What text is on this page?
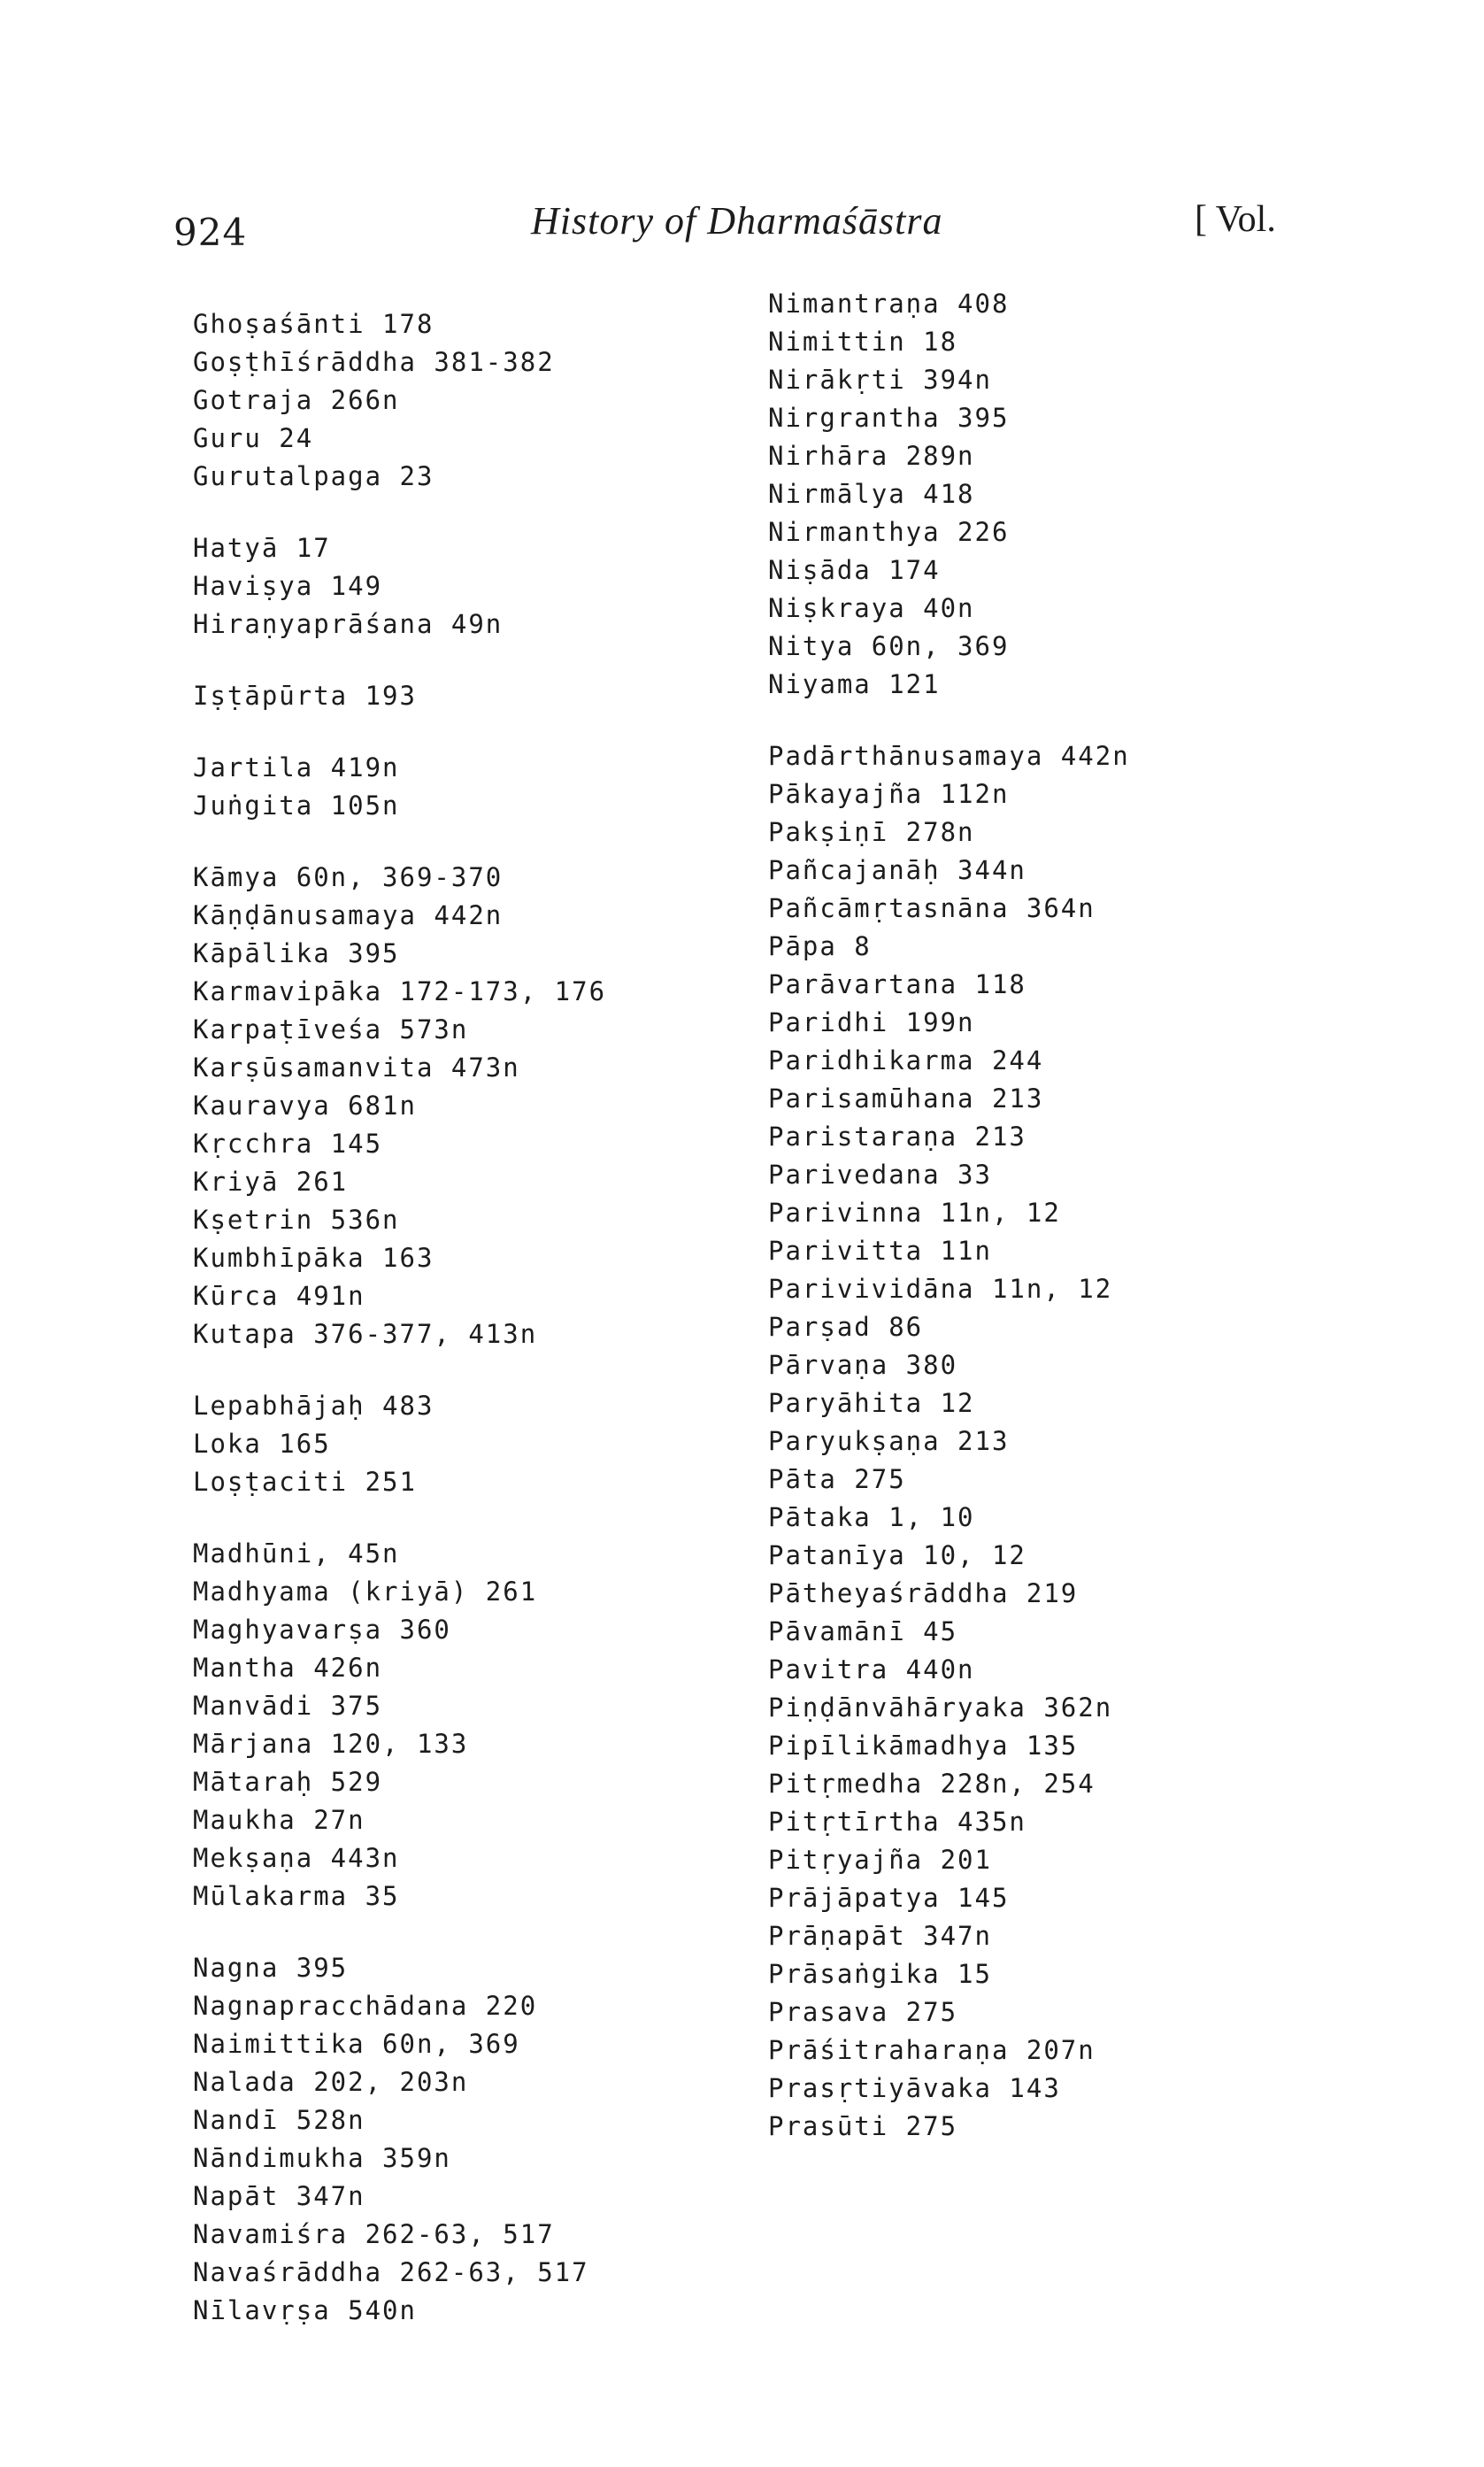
924	History of Dharmaśāstra	[ Vol.
Ghoṣaśānti 178
Goṣṭhīśrāddha 381-382
Gotraja 266n
Guru 24
Gurutalpaga 23
Hatyā 17
Haviṣya 149
Hiraṇyaprāśana 49n
Iṣṭāpūrta 193
Jartila 419n
Juṅgita 105n
Kāmya 60n, 369-370
Kāṇḍānusamaya 442n
Kāpālika 395
Karmavipāka 172-173, 176
Karpaṭīveśa 573n
Karṣūsamanvita 473n
Kauravya 681n
Kṛcchra 145
Kriyā 261
Kṣetrin 536n
Kumbhīpāka 163
Kūrca 491n
Kutapa 376-377, 413n
Lepabhājaḥ 483
Loka 165
Loṣṭaciti 251
Madhūni, 45n
Madhyama (kriyā) 261
Maghyavarṣa 360
Mantha 426n
Manvādi 375
Mārjana 120, 133
Mātaraḥ 529
Maukha 27n
Mekṣaṇa 443n
Mūlakarma 35
Nagna 395
Nagnapracchādana 220
Naimittika 60n, 369
Nalada 202, 203n
Nandī 528n
Nāndimukha 359n
Napāt 347n
Navamiśra 262-63, 517
Navaśrāddha 262-63, 517
Nīlavṛṣa 540n
Nimantraṇa 408
Nimittin 18
Nirākṛti 394n
Nirgrantha 395
Nirhāra 289n
Nirmālya 418
Nirmanthya 226
Niṣāda 174
Niṣkraya 40n
Nitya 60n, 369
Niyama 121
Padārthānusamaya 442n
Pākayajña 112n
Pakṣiṇī 278n
Pañcajanāḥ 344n
Pañcāmṛtasnāna 364n
Pāpa 8
Parāvartana 118
Paridhi 199n
Paridhikarma 244
Parisamūhana 213
Paristaraṇa 213
Parivedana 33
Parivinna 11n, 12
Parivitta 11n
Parivividāna 11n, 12
Parṣad 86
Pārvaṇa 380
Paryāhita 12
Paryukṣaṇa 213
Pāta 275
Pātaka 1, 10
Patanīya 10, 12
Pātheyaśrāddha 219
Pāvamānī 45
Pavitra 440n
Piṇḍānvāhāryaka 362n
Pipīlikāmadhya 135
Pitṛmedha 228n, 254
Pitṛtīrtha 435n
Pitṛyajña 201
Prājāpatya 145
Prāṇapāt 347n
Prāsaṅgika 15
Prasava 275
Prāśitraharaṇa 207n
Prasṛtiyāvaka 143
Prasūti 275
